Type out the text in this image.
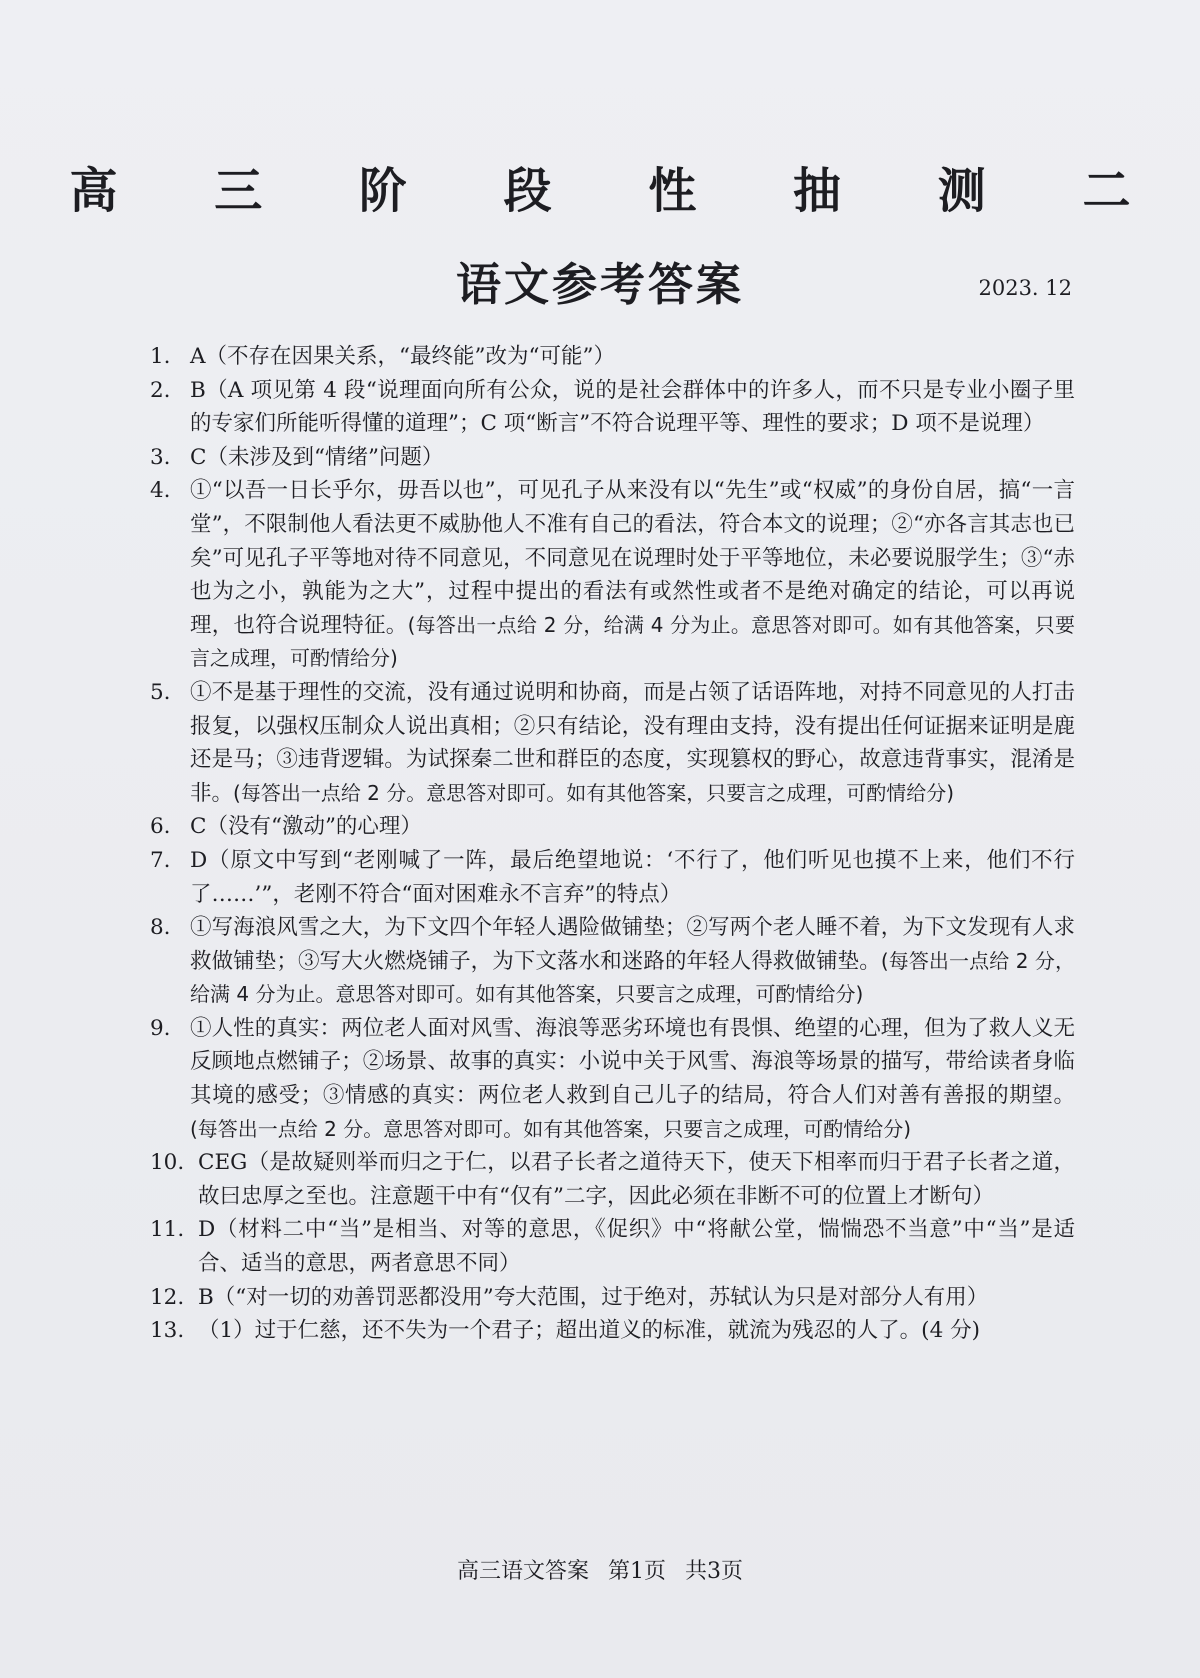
高 三 阶 段 性 抽 测 二
语文参考答案	2023. 12
1. A（不存在因果关系，“最终能”改为“可能”）
2. B（A 项见第 4 段“说理面向所有公众，说的是社会群体中的许多人，而不只是专业小圈子里的专家们所能听得懂的道理”；C 项“断言”不符合说理平等、理性的要求；D 项不是说理）
3. C（未涉及到“情绪”问题）
4. ①“以吾一日长乎尔，毋吾以也”，可见孔子从来没有以“先生”或“权威”的身份自居，搞“一言堂”，不限制他人看法更不威胁他人不准有自己的看法，符合本文的说理；②“亦各言其志也已矣”可见孔子平等地对待不同意见，不同意见在说理时处于平等地位，未必要说服学生；③“赤也为之小，孰能为之大”，过程中提出的看法有或然性或者不是绝对确定的结论，可以再说理，也符合说理特征。(每答出一点给 2 分，给满 4 分为止。意思答对即可。如有其他答案，只要言之成理，可酌情给分)
5. ①不是基于理性的交流，没有通过说明和协商，而是占领了话语阵地，对持不同意见的人打击报复，以强权压制众人说出真相；②只有结论，没有理由支持，没有提出任何证据来证明是鹿还是马；③违背逻辑。为试探秦二世和群臣的态度，实现篡权的野心，故意违背事实，混淆是非。(每答出一点给 2 分。意思答对即可。如有其他答案，只要言之成理，可酌情给分)
6. C（没有“激动”的心理）
7. D（原文中写到“老刚喊了一阵，最后绝望地说：‘不行了，他们听见也摸不上来，他们不行了……’”，老刚不符合“面对困难永不言弃”的特点）
8. ①写海浪风雪之大，为下文四个年轻人遇险做铺垫；②写两个老人睡不着，为下文发现有人求救做铺垫；③写大火燃烧铺子，为下文落水和迷路的年轻人得救做铺垫。(每答出一点给 2 分，给满 4 分为止。意思答对即可。如有其他答案，只要言之成理，可酌情给分)
9. ①人性的真实：两位老人面对风雪、海浪等恶劣环境也有畏惧、绝望的心理，但为了救人义无反顾地点燃铺子；②场景、故事的真实：小说中关于风雪、海浪等场景的描写，带给读者身临其境的感受；③情感的真实：两位老人救到自己儿子的结局，符合人们对善有善报的期望。(每答出一点给 2 分。意思答对即可。如有其他答案，只要言之成理，可酌情给分)
10. CEG（是故疑则举而归之于仁，以君子长者之道待天下，使天下相率而归于君子长者之道，故曰忠厚之至也。注意题干中有“仅有”二字，因此必须在非断不可的位置上才断句）
11. D（材料二中“当”是相当、对等的意思，《促织》中“将献公堂，惴惴恐不当意”中“当”是适合、适当的意思，两者意思不同）
12. B（“对一切的劝善罚恶都没用”夸大范围，过于绝对，苏轼认为只是对部分人有用）
13. （1）过于仁慈，还不失为一个君子；超出道义的标准，就流为残忍的人了。(4 分)
高三语文答案 第1页 共3页
